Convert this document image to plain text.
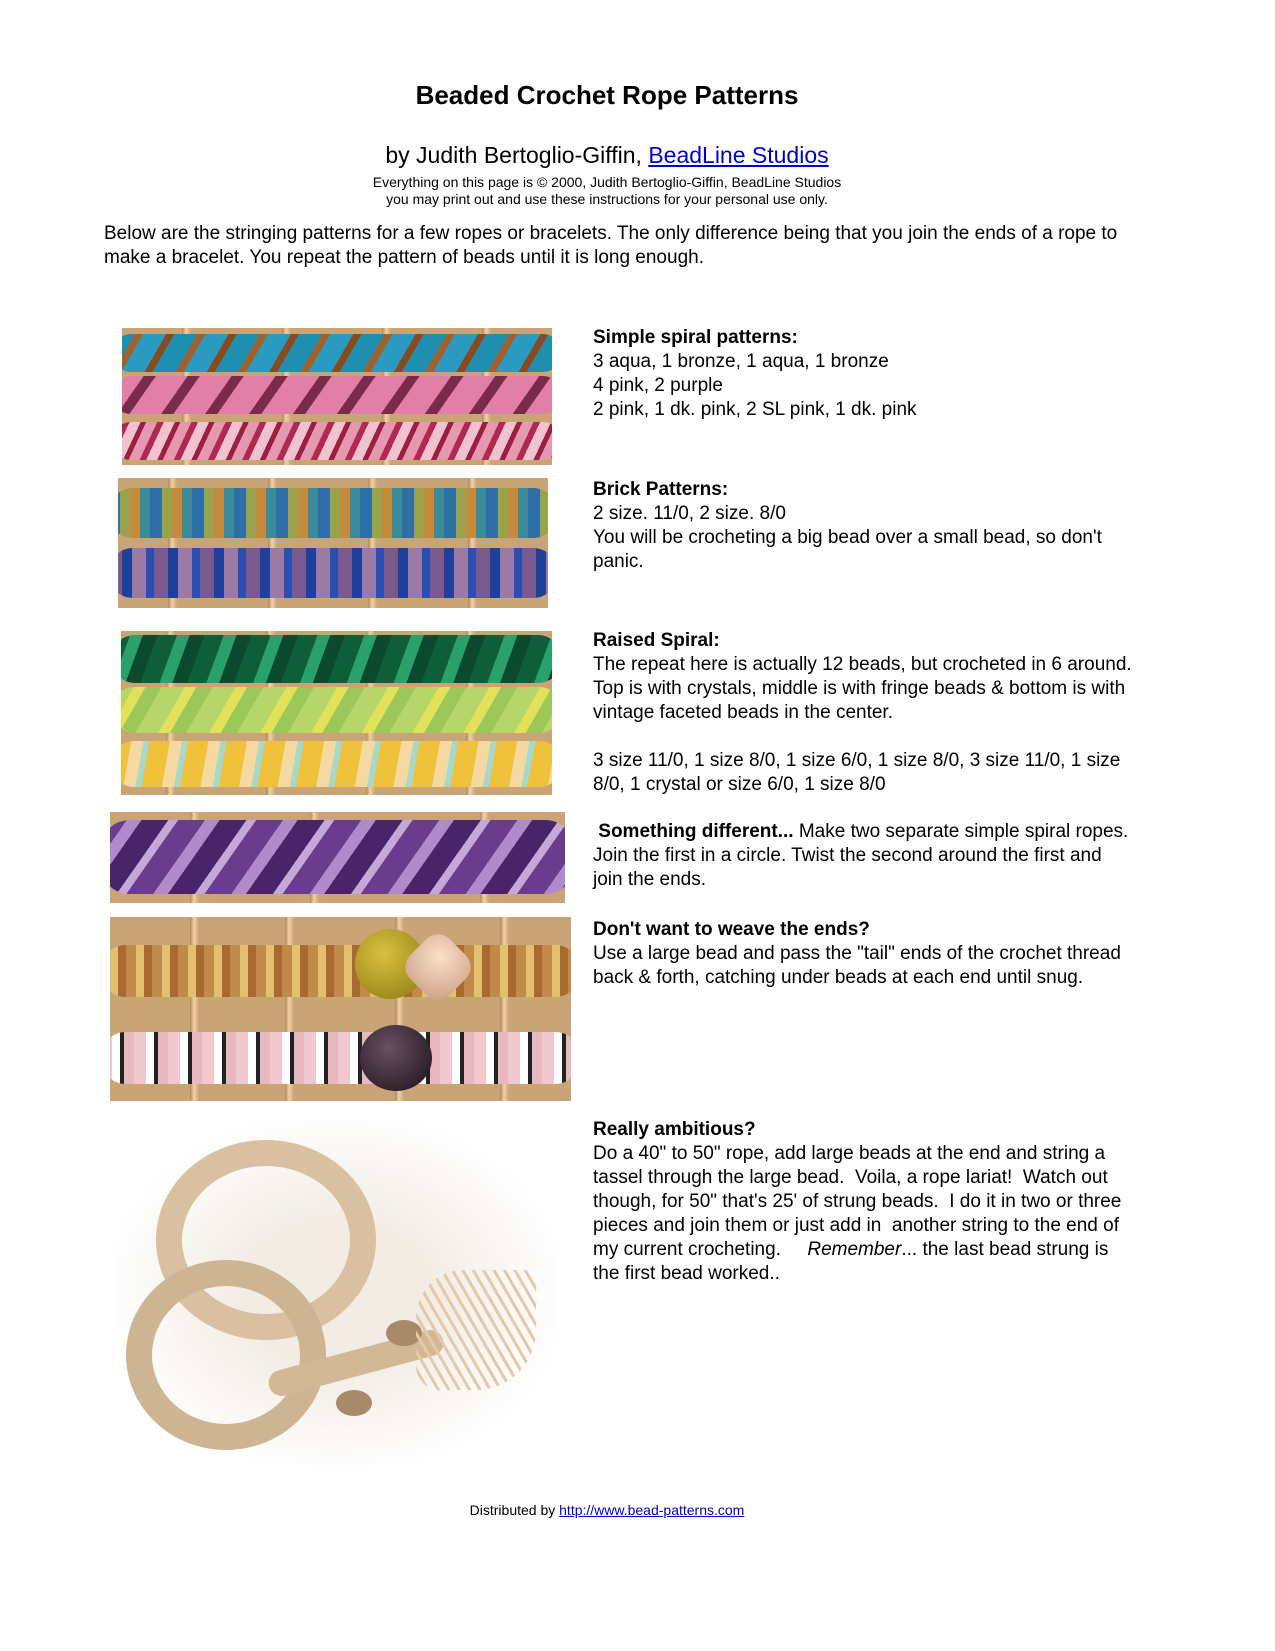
Beaded Crochet Rope Patterns
by Judith Bertoglio-Giffin, BeadLine Studios
Everything on this page is © 2000, Judith Bertoglio-Giffin, BeadLine Studios
you may print out and use these instructions for your personal use only.

Below are the stringing patterns for a few ropes or bracelets. The only difference being that you join the ends of a rope to make a bracelet. You repeat the pattern of beads until it is long enough.

Simple spiral patterns:

3 aqua, 1 bronze, 1 aqua, 1 bronze

4 pink, 2 purple

2 pink, 1 dk. pink, 2 SL pink, 1 dk. pink

Brick Patterns:

2 size. 11/0, 2 size. 8/0

You will be crocheting a big bead over a small bead, so don't panic.

Raised Spiral:

The repeat here is actually 12 beads, but crocheted in 6 around. Top is with crystals, middle is with fringe beads & bottom is with vintage faceted beads in the center.

3 size 11/0, 1 size 8/0, 1 size 6/0, 1 size 8/0, 3 size 11/0, 1 size 8/0, 1 crystal or size 6/0, 1 size 8/0

Something different... Make two separate simple spiral ropes. Join the first in a circle. Twist the second around the first and join the ends.

Don't want to weave the ends?

Use a large bead and pass the "tail" ends of the crochet thread back & forth, catching under beads at each end until snug.

Really ambitious?

Do a 40" to 50" rope, add large beads at the end and string a tassel through the large bead.  Voila, a rope lariat!  Watch out though, for 50" that's 25' of strung beads.  I do it in two or three pieces and join them or just add in  another string to the end of my current crocheting.     Remember... the last bead strung is the first bead worked..

Distributed by http://www.bead-patterns.com
